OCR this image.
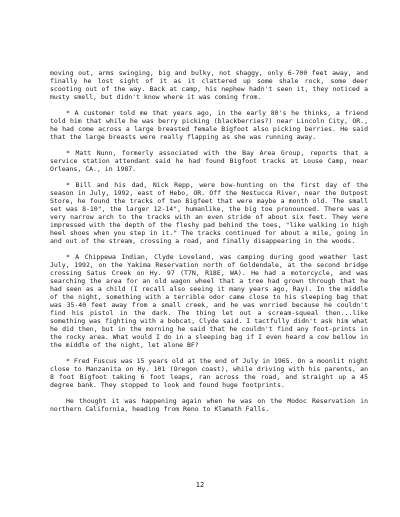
moving out, arms swinging, big and bulky, not shaggy, only 6-700 feet away, and finally he lost sight of it as it clattered up some shale rock, some deer scooting out of the way. Back at camp, his nephew hadn't seen it, they noticed a musty smell, but didn't know where it was coming from.

* A customer told me that years ago, in the early 80's he thinks, a friend told him that while he was berry picking (blackberries?) near Lincoln City, OR., he had come across a large breasted female Bigfoot also picking berries. He said that the large breasts were really flapping as she was running away.

* Matt Nunn, formerly associated with the Bay Area Group, reports that a service station attendant said he had found Bigfoot tracks at Louse Camp, near Orleans, CA., in 1987.

* Bill and his dad, Nick Repp, were bow-hunting on the first day of the season in July, 1992, east of Hebo, OR. Off the Nestucca River, near the Outpost Store, he found the tracks of two Bigfeet that were maybe a month old. The small set was 8-10", the larger 12-14", humanlike, the big toe pronounced. There was a very narrow arch to the tracks with an even stride of about six feet. They were impressed with the depth of the fleshy pad behind the toes, "like walking in high heel shoes when you step in it." The tracks continued for about a mile, going in and out of the stream, crossing a road, and finally disappearing in the woods.

* A Chippewa Indian, Clyde Loveland, was camping during good weather last July, 1992, on the Yakima Reservation north of Goldendale, at the second bridge crossing Satus Creek on Hy. 97 (T7N, R18E, WA). He had a motorcycle, and was searching the area for an old wagon wheel that a tree had grown through that he had seen as a child (I recall also seeing it many years ago, Ray). In the middle of the night, something with a terrible odor came close to his sleeping bag that was 35-40 feet away from a small creek, and he was worried because he couldn't find his pistol in the dark. The thing let out a scream-squeal then...like something was fighting with a bobcat, Clyde said. I tactfully didn't ask him what he did then, but in the morning he said that he couldn't find any foot-prints in the rocky area. What would I do in a sleeping bag if I even heard a cow bellow in the middle of the night, let alone BF?

* Fred Fuscus was 15 years old at the end of July in 1965. On a moonlit night close to Manzanita on Hy. 101 (Oregon coast), while driving with his parents, an 8 foot Bigfoot taking 6 foot leaps, ran across the road, and straight up a 45 degree bank. They stopped to look and found huge footprints.

He thought it was happening again when he was on the Modoc Reservation in northern California, heading from Reno to Klamath Falls.

12
